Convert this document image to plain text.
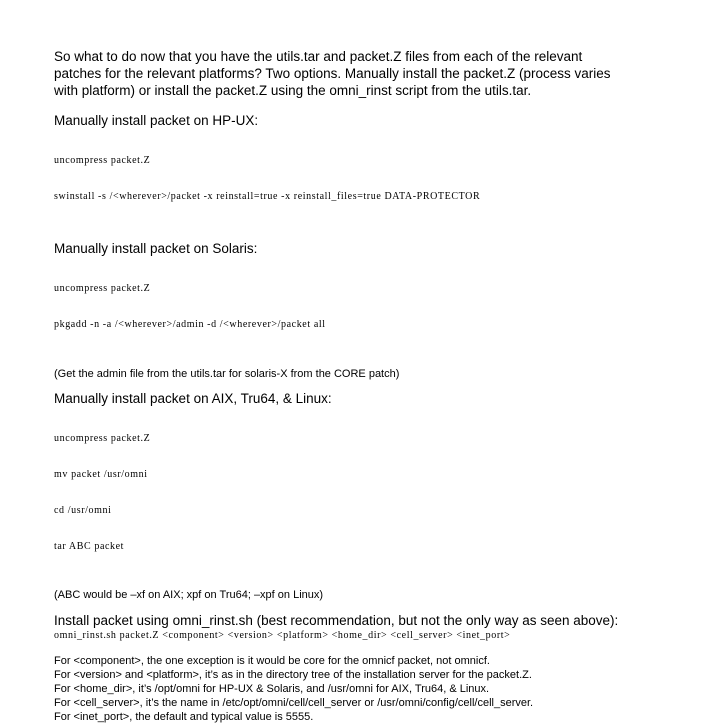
So what to do now that you have the utils.tar and packet.Z files from each of the relevant
patches for the relevant platforms? Two options. Manually install the packet.Z (process varies
with platform) or install the packet.Z using the omni_rinst script from the utils.tar.
Manually install packet on HP-UX:

uncompress packet.Z

swinstall -s /<wherever>/packet -x reinstall=true -x reinstall_files=true DATA-PROTECTOR

Manually install packet on Solaris:

uncompress packet.Z

pkgadd -n -a /<wherever>/admin -d /<wherever>/packet all

(Get the admin file from the utils.tar for solaris-X from the CORE patch)
Manually install packet on AIX, Tru64, & Linux:

uncompress packet.Z

mv packet /usr/omni

cd /usr/omni

tar ABC packet

(ABC would be –xf on AIX; xpf on Tru64; –xpf on Linux)
Install packet using omni_rinst.sh (best recommendation, but not the only way as seen above):
omni_rinst.sh packet.Z <component> <version> <platform> <home_dir> <cell_server> <inet_port>
For <component>, the one exception is it would be core for the omnicf packet, not omnicf.
For <version> and <platform>, it’s as in the directory tree of the installation server for the packet.Z.
For <home_dir>, it’s /opt/omni for HP-UX & Solaris, and /usr/omni for AIX, Tru64, & Linux.
For <cell_server>, it’s the name in /etc/opt/omni/cell/cell_server or /usr/omni/config/cell/cell_server.
For <inet_port>, the default and typical value is 5555.
